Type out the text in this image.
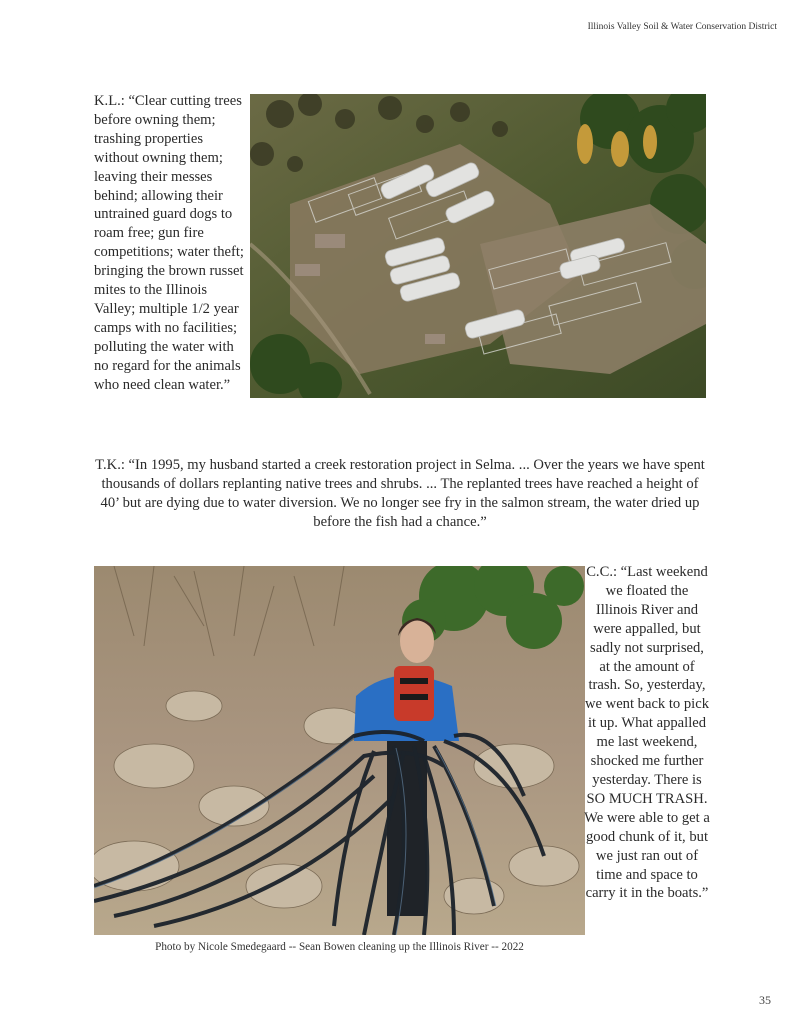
Illinois Valley Soil & Water Conservation District
K.L.: “Clear cutting trees before owning them; trashing properties without owning them; leaving their messes behind; allowing their untrained guard dogs to roam free; gun fire competitions; water theft; bringing the brown russet mites to the Illinois Valley; multiple 1/2 year camps with no facilities; polluting the water with no regard for the animals who need clean water.”
T.K.: “In 1995, my husband started a creek restoration project in Selma. ... Over the years we have spent thousands of dollars replanting native trees and shrubs. ... The replanted trees have reached a height of 40’ but are dying due to water diversion. We no longer see fry in the salmon stream, the water dried up before the fish had a chance.”
C.C.: “Last weekend we floated the Illinois River and were appalled, but sadly not surprised, at the amount of trash. So, yesterday, we went back to pick it up. What appalled me last weekend, shocked me further yesterday. There is SO MUCH TRASH. We were able to get a good chunk of it, but we just ran out of time and space to carry it in the boats.”
Photo by Nicole Smedegaard -- Sean Bowen cleaning up the Illinois River -- 2022
35
